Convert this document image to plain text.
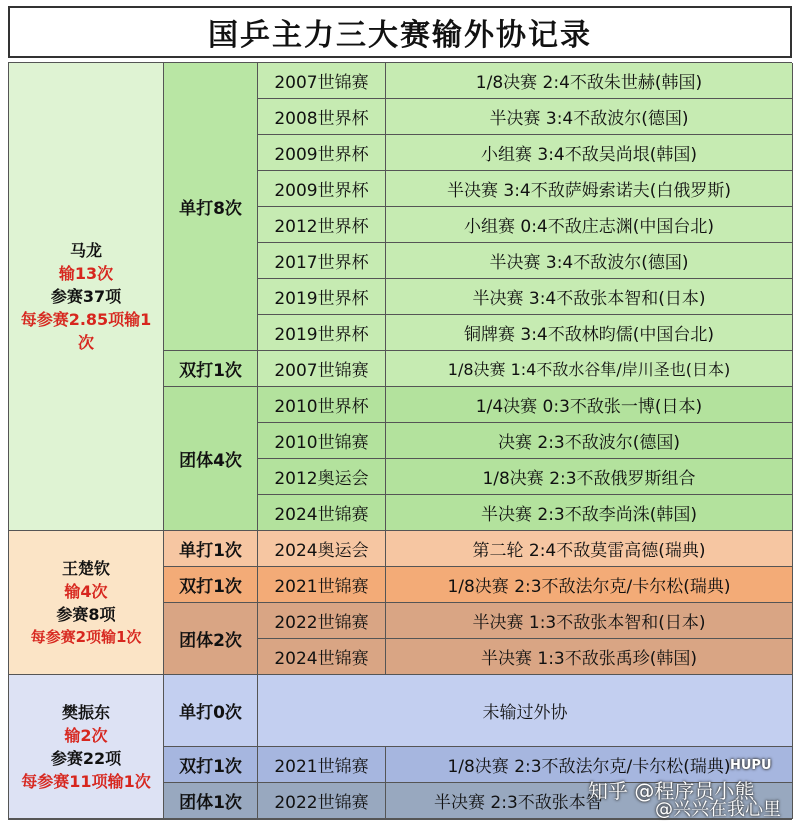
国乒主力三大赛输外协记录
马龙
输13次
参赛37项
每参赛2.85项输1次
单打8次
2007世锦赛	1/8决赛 2:4不敌朱世赫(韩国)
2008世界杯	半决赛 3:4不敌波尔(德国)
2009世界杯	小组赛 3:4不敌吴尚垠(韩国)
2009世界杯	半决赛 3:4不敌萨姆索诺夫(白俄罗斯)
2012世界杯	小组赛 0:4不敌庄志渊(中国台北)
2017世界杯	半决赛 3:4不敌波尔(德国)
2019世界杯	半决赛 3:4不敌张本智和(日本)
2019世界杯	铜牌赛 3:4不敌林昀儒(中国台北)
双打1次	2007世锦赛	1/8决赛 1:4不敌水谷隼/岸川圣也(日本)
团体4次
2010世界杯	1/4决赛 0:3不敌张一博(日本)
2010世锦赛	决赛 2:3不敌波尔(德国)
2012奥运会	1/8决赛 2:3不敌俄罗斯组合
2024世锦赛	半决赛 2:3不敌李尚洙(韩国)
王楚钦
输4次
参赛8项
每参赛2项输1次
单打1次	2024奥运会	第二轮 2:4不敌莫雷高德(瑞典)
双打1次	2021世锦赛	1/8决赛 2:3不敌法尔克/卡尔松(瑞典)
团体2次
2022世锦赛	半决赛 1:3不敌张本智和(日本)
2024世锦赛	半决赛 1:3不敌张禹珍(韩国)
樊振东
输2次
参赛22项
每参赛11项输1次
单打0次	未输过外协
双打1次	2021世锦赛	1/8决赛 2:3不敌法尔克/卡尔松(瑞典)
团体1次	2022世锦赛	半决赛 2:3不敌张本智
HUPU
知乎 @程序员小熊
@兴兴在我心里
